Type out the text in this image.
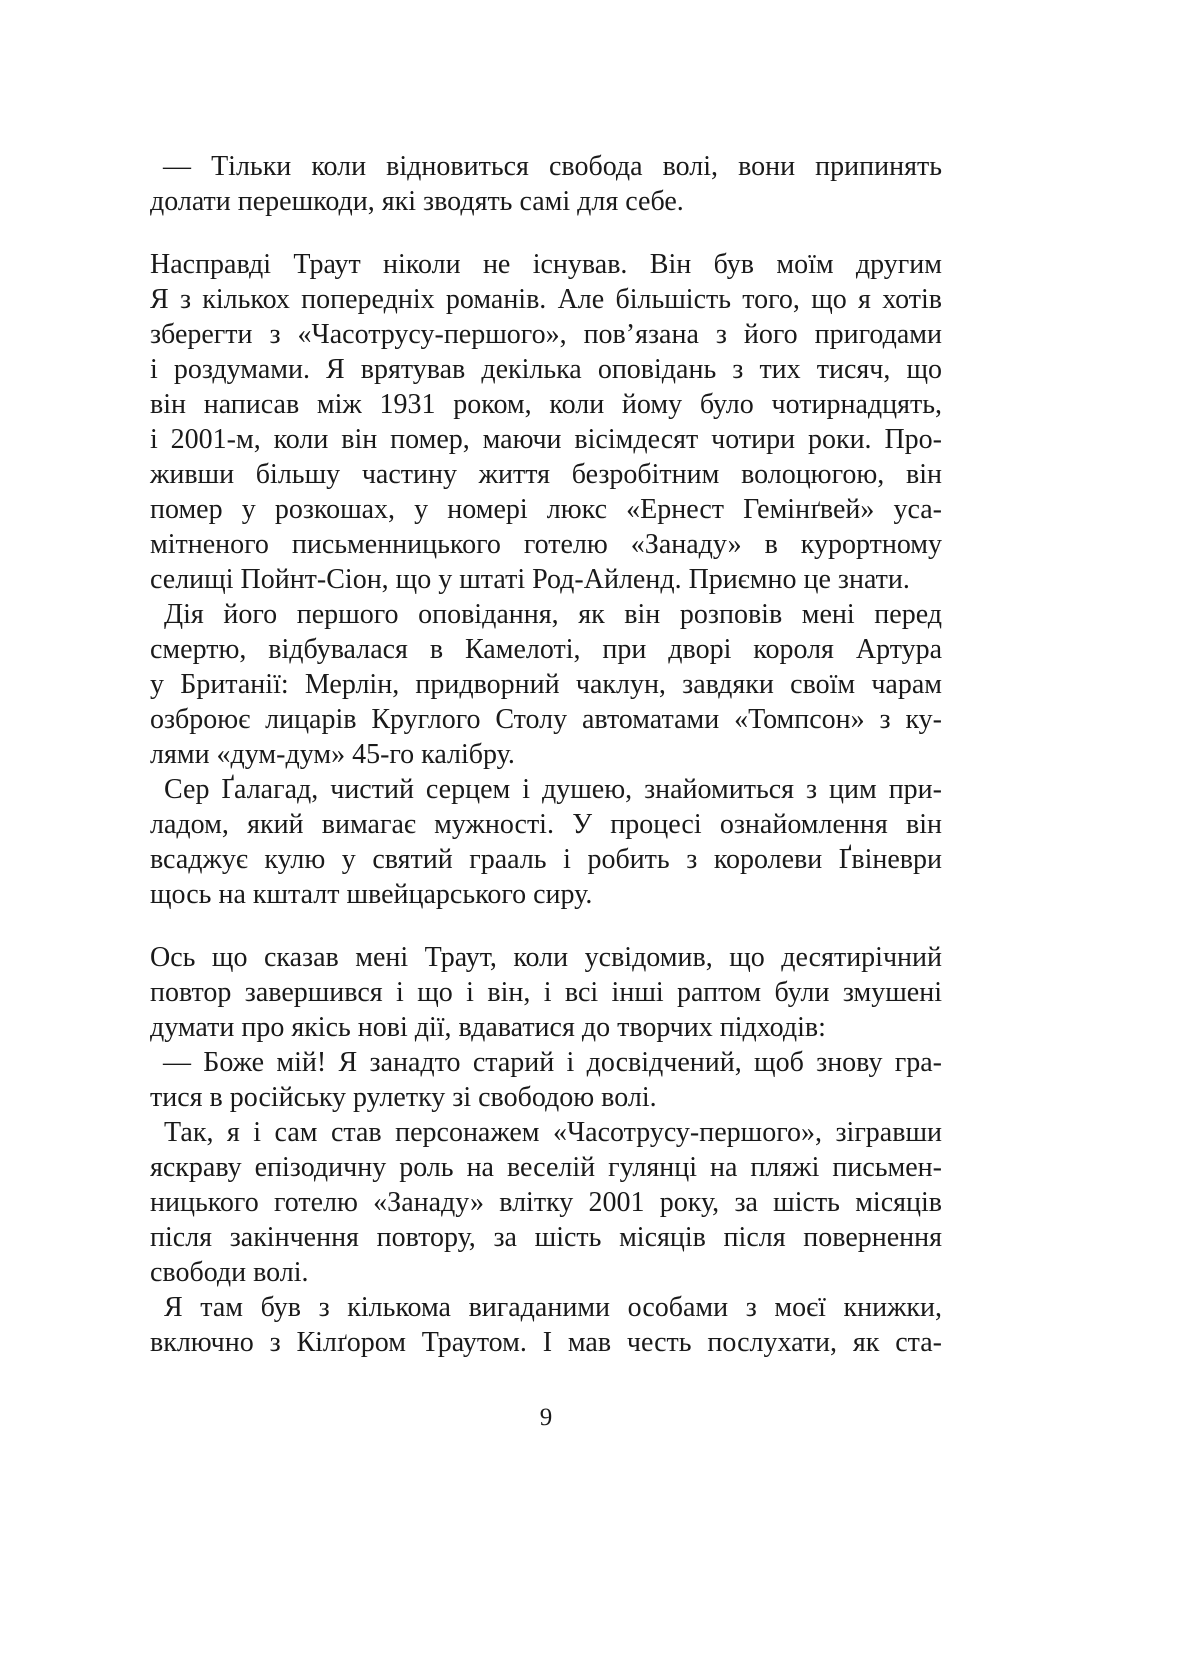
— Тільки коли відновиться свобода волі, вони припинять
долати перешкоди, які зводять самі для себе.
Насправді Траут ніколи не існував. Він був моїм другим
Я з кількох попередніх романів. Але більшість того, що я хотів
зберегти з «Часотрусу-першого», пов’язана з його пригодами
і роздумами. Я врятував декілька оповідань з тих тисяч, що
він написав між 1931 роком, коли йому було чотирнадцять,
і 2001-м, коли він помер, маючи вісімдесят чотири роки. Про-
живши більшу частину життя безробітним волоцюгою, він
помер у розкошах, у номері люкс «Ернест Гемінґвей» уса-
мітненого письменницького готелю «Занаду» в курортному
селищі Пойнт-Сіон, що у штаті Род-Айленд. Приємно це знати.
Дія його першого оповідання, як він розповів мені перед
смертю, відбувалася в Камелоті, при дворі короля Артура
у Британії: Мерлін, придворний чаклун, завдяки своїм чарам
озброює лицарів Круглого Столу автоматами «Томпсон» з ку-
лями «дум-дум» 45-го калібру.
Сер Ґалагад, чистий серцем і душею, знайомиться з цим при-
ладом, який вимагає мужності. У процесі ознайомлення він
всаджує кулю у святий грааль і робить з королеви Ґвіневри
щось на кшталт швейцарського сиру.
Ось що сказав мені Траут, коли усвідомив, що десятирічний
повтор завершився і що і він, і всі інші раптом були змушені
думати про якісь нові дії, вдаватися до творчих підходів:
— Боже мій! Я занадто старий і досвідчений, щоб знову гра-
тися в російську рулетку зі свободою волі.
Так, я і сам став персонажем «Часотрусу-першого», зігравши
яскраву епізодичну роль на веселій гулянці на пляжі письмен-
ницького готелю «Занаду» влітку 2001 року, за шість місяців
після закінчення повтору, за шість місяців після повернення
свободи волі.
Я там був з кількома вигаданими особами з моєї книжки,
включно з Кілґором Траутом. І мав честь послухати, як ста-
9
